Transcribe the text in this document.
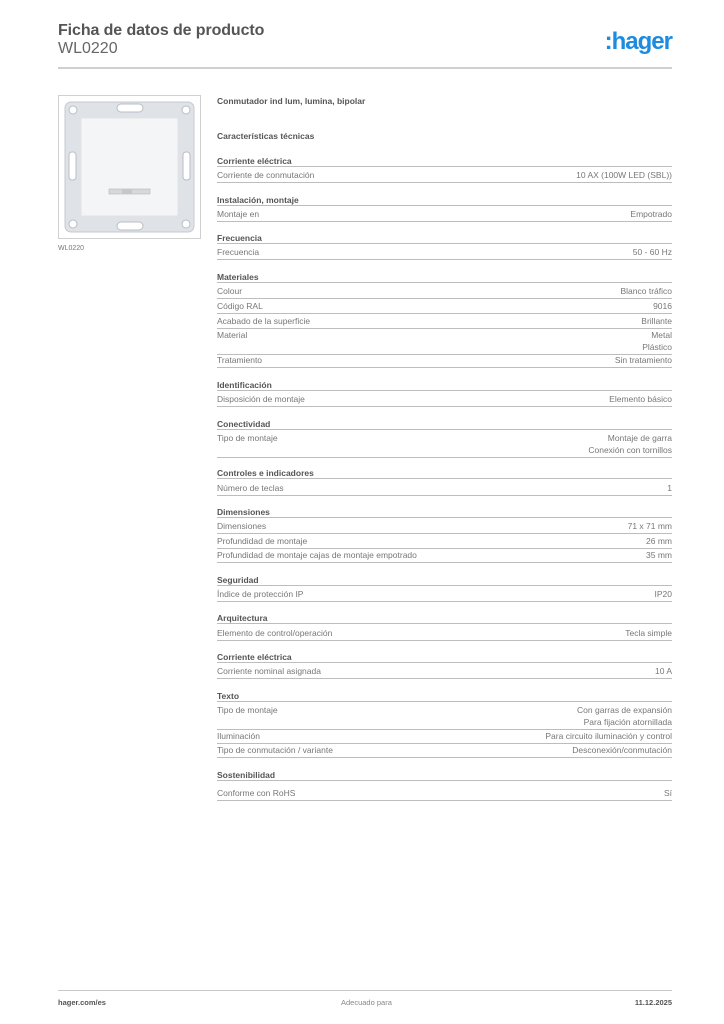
Ficha de datos de producto
WL0220	:hager
WL0220
Conmutador ind lum, lumina, bipolar
Características técnicas
Corriente eléctrica
Corriente de conmutación	10 AX (100W LED (SBL))
Instalación, montaje
Montaje en	Empotrado
Frecuencia
Frecuencia	50 - 60 Hz
Materiales
Colour	Blanco tráfico
Código RAL	9016
Acabado de la superficie	Brillante
Material	Metal
Plástico
Tratamiento	Sin tratamiento
Identificación
Disposición de montaje	Elemento básico
Conectividad
Tipo de montaje	Montaje de garra
Conexión con tornillos
Controles e indicadores
Número de teclas	1
Dimensiones
Dimensiones	71 x 71 mm
Profundidad de montaje	26 mm
Profundidad de montaje cajas de montaje empotrado	35 mm
Seguridad
Índice de protección IP	IP20
Arquitectura
Elemento de control/operación	Tecla simple
Corriente eléctrica
Corriente nominal asignada	10 A
Texto
Tipo de montaje	Con garras de expansión
Para fijación atornillada
Iluminación	Para circuito iluminación y control
Tipo de conmutación / variante	Desconexión/conmutación
Sostenibilidad
Conforme con RoHS	Sí
hager.com/es	Adecuado para	11.12.2025
